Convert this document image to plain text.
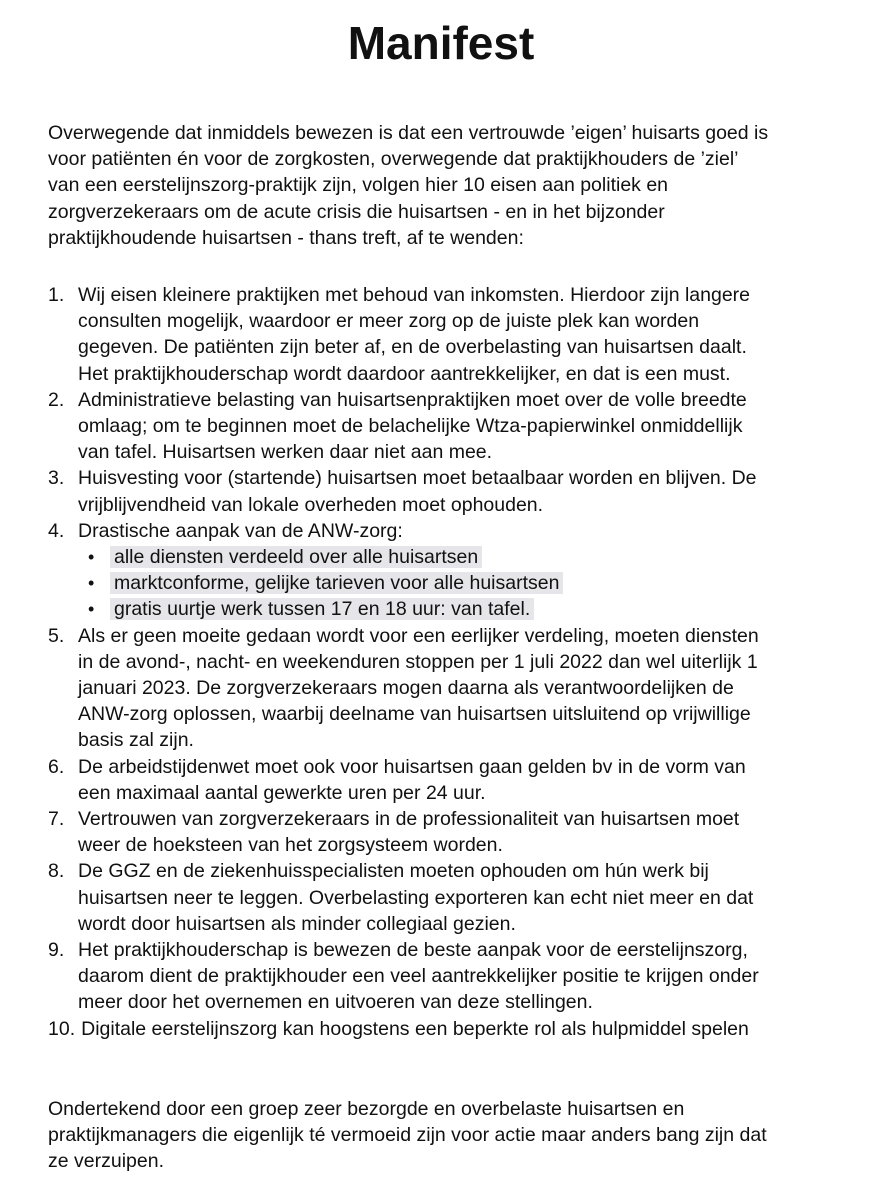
Manifest

Overwegende dat inmiddels bewezen is dat een vertrouwde ’eigen’ huisarts goed is
voor patiënten én voor de zorgkosten, overwegende dat praktijkhouders de ’ziel’
van een eerstelijnszorg-praktijk zijn, volgen hier 10 eisen aan politiek en
zorgverzekeraars om de acute crisis die huisartsen - en in het bijzonder
praktijkhoudende huisartsen - thans treft, af te wenden:

1. Wij eisen kleinere praktijken met behoud van inkomsten. Hierdoor zijn langere
consulten mogelijk, waardoor er meer zorg op de juiste plek kan worden
gegeven. De patiënten zijn beter af, en de overbelasting van huisartsen daalt.
Het praktijkhouderschap wordt daardoor aantrekkelijker, en dat is een must.
2. Administratieve belasting van huisartsenpraktijken moet over de volle breedte
omlaag; om te beginnen moet de belachelijke Wtza-papierwinkel onmiddellijk
van tafel. Huisartsen werken daar niet aan mee.
3. Huisvesting voor (startende) huisartsen moet betaalbaar worden en blijven. De
vrijblijvendheid van lokale overheden moet ophouden.
4. Drastische aanpak van de ANW-zorg:
• alle diensten verdeeld over alle huisartsen
• marktconforme, gelijke tarieven voor alle huisartsen
• gratis uurtje werk tussen 17 en 18 uur: van tafel.
5. Als er geen moeite gedaan wordt voor een eerlijker verdeling, moeten diensten
in de avond-, nacht- en weekenduren stoppen per 1 juli 2022 dan wel uiterlijk 1
januari 2023. De zorgverzekeraars mogen daarna als verantwoordelijken de
ANW-zorg oplossen, waarbij deelname van huisartsen uitsluitend op vrijwillige
basis zal zijn.
6. De arbeidstijdenwet moet ook voor huisartsen gaan gelden bv in de vorm van
een maximaal aantal gewerkte uren per 24 uur.
7. Vertrouwen van zorgverzekeraars in de professionaliteit van huisartsen moet
weer de hoeksteen van het zorgsysteem worden.
8. De GGZ en de ziekenhuisspecialisten moeten ophouden om hún werk bij
huisartsen neer te leggen. Overbelasting exporteren kan echt niet meer en dat
wordt door huisartsen als minder collegiaal gezien.
9. Het praktijkhouderschap is bewezen de beste aanpak voor de eerstelijnszorg,
daarom dient de praktijkhouder een veel aantrekkelijker positie te krijgen onder
meer door het overnemen en uitvoeren van deze stellingen.
10. Digitale eerstelijnszorg kan hoogstens een beperkte rol als hulpmiddel spelen

Ondertekend door een groep zeer bezorgde en overbelaste huisartsen en
praktijkmanagers die eigenlijk té vermoeid zijn voor actie maar anders bang zijn dat
ze verzuipen.
